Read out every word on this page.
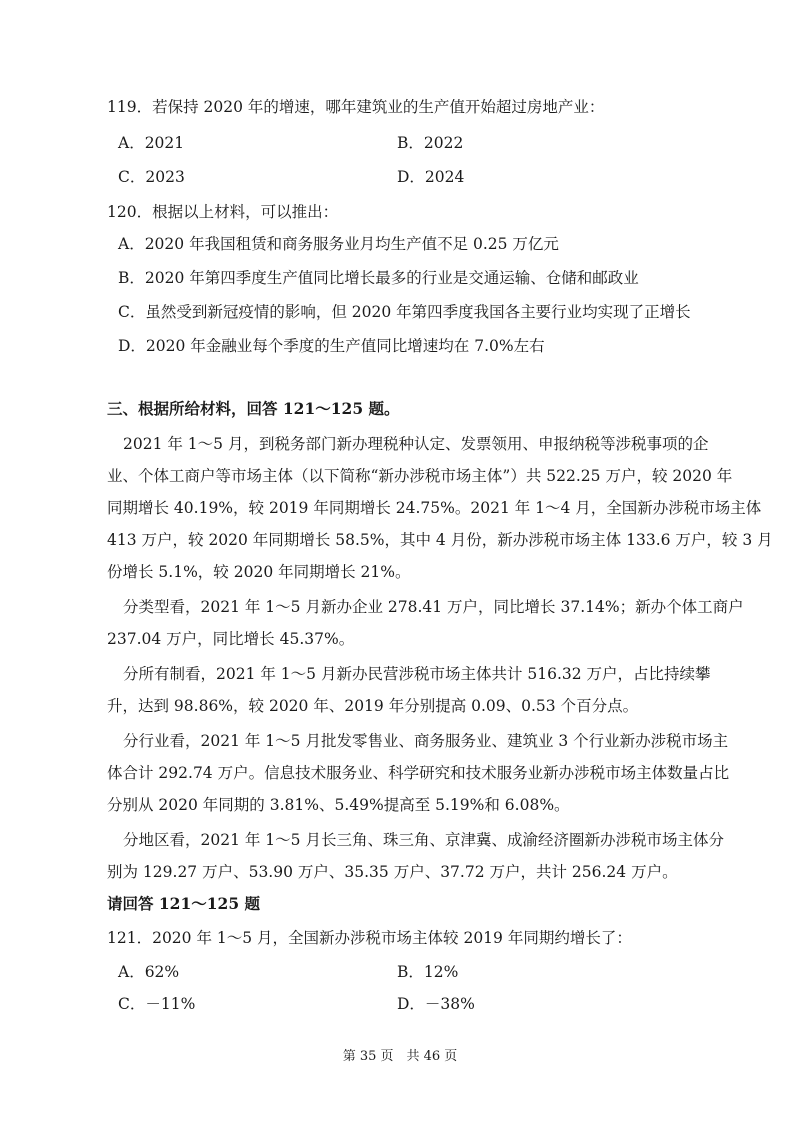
119．若保持 2020 年的增速，哪年建筑业的生产值开始超过房地产业：
A．2021	B．2022
C．2023	D．2024
120．根据以上材料，可以推出：
A．2020 年我国租赁和商务服务业月均生产值不足 0.25 万亿元
B．2020 年第四季度生产值同比增长最多的行业是交通运输、仓储和邮政业
C．虽然受到新冠疫情的影响，但 2020 年第四季度我国各主要行业均实现了正增长
D．2020 年金融业每个季度的生产值同比增速均在 7.0%左右
三、根据所给材料，回答 121～125 题。
2021 年 1～5 月，到税务部门新办理税种认定、发票领用、申报纳税等涉税事项的企
业、个体工商户等市场主体（以下简称“新办涉税市场主体”）共 522.25 万户，较 2020 年
同期增长 40.19%，较 2019 年同期增长 24.75%。2021 年 1～4 月，全国新办涉税市场主体
413 万户，较 2020 年同期增长 58.5%，其中 4 月份，新办涉税市场主体 133.6 万户，较 3 月
份增长 5.1%，较 2020 年同期增长 21%。
分类型看，2021 年 1～5 月新办企业 278.41 万户，同比增长 37.14%；新办个体工商户
237.04 万户，同比增长 45.37%。
分所有制看，2021 年 1～5 月新办民营涉税市场主体共计 516.32 万户，占比持续攀
升，达到 98.86%，较 2020 年、2019 年分别提高 0.09、0.53 个百分点。
分行业看，2021 年 1～5 月批发零售业、商务服务业、建筑业 3 个行业新办涉税市场主
体合计 292.74 万户。信息技术服务业、科学研究和技术服务业新办涉税市场主体数量占比
分别从 2020 年同期的 3.81%、5.49%提高至 5.19%和 6.08%。
分地区看，2021 年 1～5 月长三角、珠三角、京津冀、成渝经济圈新办涉税市场主体分
别为 129.27 万户、53.90 万户、35.35 万户、37.72 万户，共计 256.24 万户。
请回答 121～125 题
121．2020 年 1～5 月，全国新办涉税市场主体较 2019 年同期约增长了：
A．62%	B．12%
C．－11%	D．－38%
第 35 页　共 46 页
